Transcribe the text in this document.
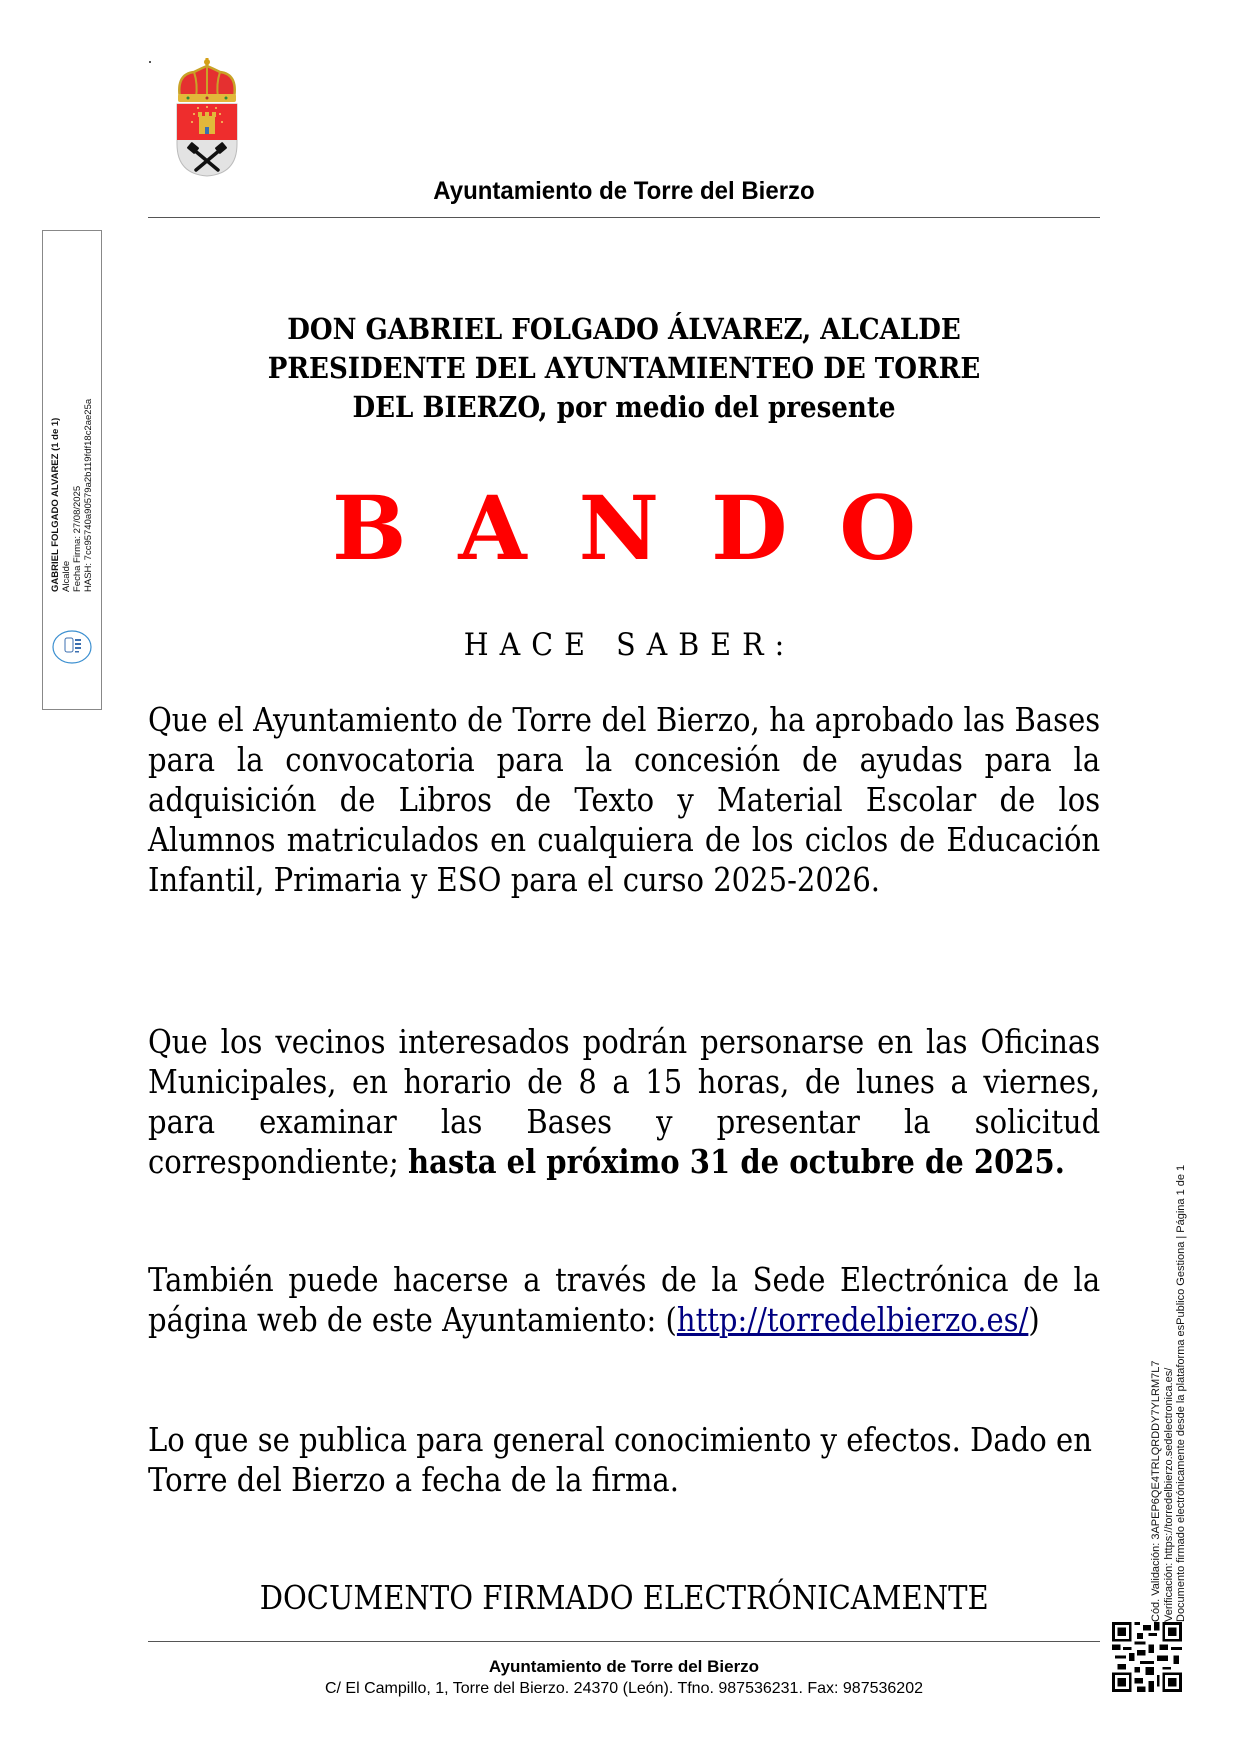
Ayuntamiento de Torre del Bierzo
DON GABRIEL FOLGADO ÁLVAREZ, ALCALDE
PRESIDENTE DEL AYUNTAMIENTEO DE TORRE
DEL BIERZO, por medio del presente
BANDO
HACE SABER:
Que el Ayuntamiento de Torre del Bierzo, ha aprobado las Bases para la convocatoria para la concesión de ayudas para la adquisición de Libros de Texto y Material Escolar de los Alumnos matriculados en cualquiera de los ciclos de Educación Infantil, Primaria y ESO para el curso 2025-2026.
Que los vecinos interesados podrán personarse en las Oficinas Municipales, en horario de 8 a 15 horas, de lunes a viernes, para examinar las Bases y presentar la solicitud correspondiente; hasta el próximo 31 de octubre de 2025.
También puede hacerse a través de la Sede Electrónica de la página web de este Ayuntamiento: (http://torredelbierzo.es/)
Lo que se publica para general conocimiento y efectos. Dado en Torre del Bierzo a fecha de la firma.
DOCUMENTO FIRMADO ELECTRÓNICAMENTE
Ayuntamiento de Torre del Bierzo
C/ El Campillo, 1, Torre del Bierzo. 24370 (León). Tfno. 987536231. Fax: 987536202
GABRIEL FOLGADO ALVAREZ (1 de 1) Alcalde Fecha Firma: 27/08/2025 HASH: 7cc95740a90579a2b119fdf18c2ae25a
Cód. Validación: 3APEP6QE4TRLQRDDY7YLRM7L7 Verificación: https://torredelbierzo.sedelectronica.es/ Documento firmado electrónicamente desde la plataforma esPublico Gestiona | Página 1 de 1
